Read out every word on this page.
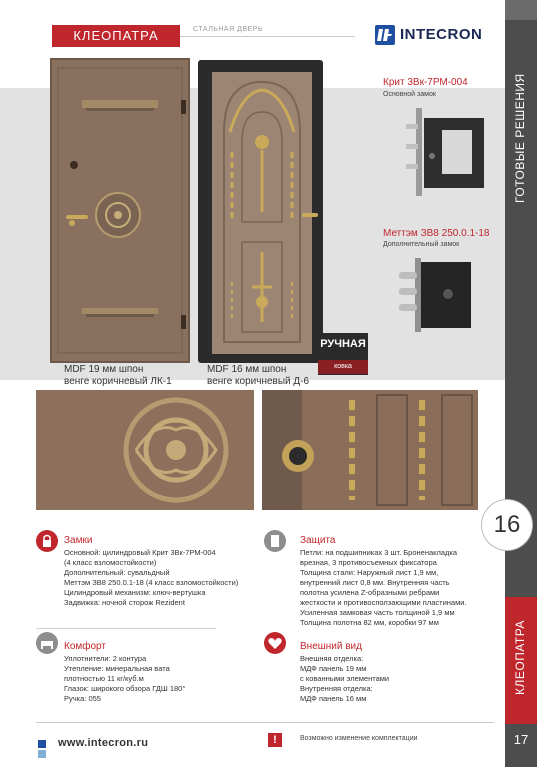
ГОТОВЫЕ РЕШЕНИЯ
КЛЕОПАТРА
17
КЛЕОПАТРА	СТАЛЬНАЯ ДВЕРЬ	INTECRON
MDF 19 мм шпон
венге коричневый ЛК-1
MDF 16 мм шпон
венге коричневый Д-6
РУЧНАЯ
ковка
Крит 3Вк-7РМ-004
Основной замок
Меттэм ЗВ8 250.0.1-18
Дополнительный замок
16
Замки
Основной: цилиндровый Крит 3Вк-7РМ-004
(4 класс взломостойкости)
Дополнительный: сувальдный
Меттэм ЗВ8 250.0.1-18 (4 класс взломостойкости)
Цилиндровый механизм: ключ-вертушка
Задвижка: ночной сторож Rezident
Защита
Петли: на подшипниках 3 шт. Броненакладка
врезная, 3 противосъемных фиксатора
Толщина стали: Наружный лист 1,9 мм,
внутренний лист 0,8 мм. Внутренняя часть
полотна усилена Z-образными ребрами
жесткости и противосползающими пластинами.
Усиленная замковая часть толщиной 1,9 мм
Толщина полотна 82 мм, коробки 97 мм
Комфорт
Уплотнители: 2 контура
Утепление: минеральная вата
плотностью 11 кг/куб.м
Глазок: широкого обзора ГДШ 180°
Ручка: 055
Внешний вид
Внешняя отделка:
МДФ панель 19 мм
с кованными элементами
Внутренняя отделка:
МДФ панель 16 мм
www.intecron.ru	!	Возможно изменение комплектации
